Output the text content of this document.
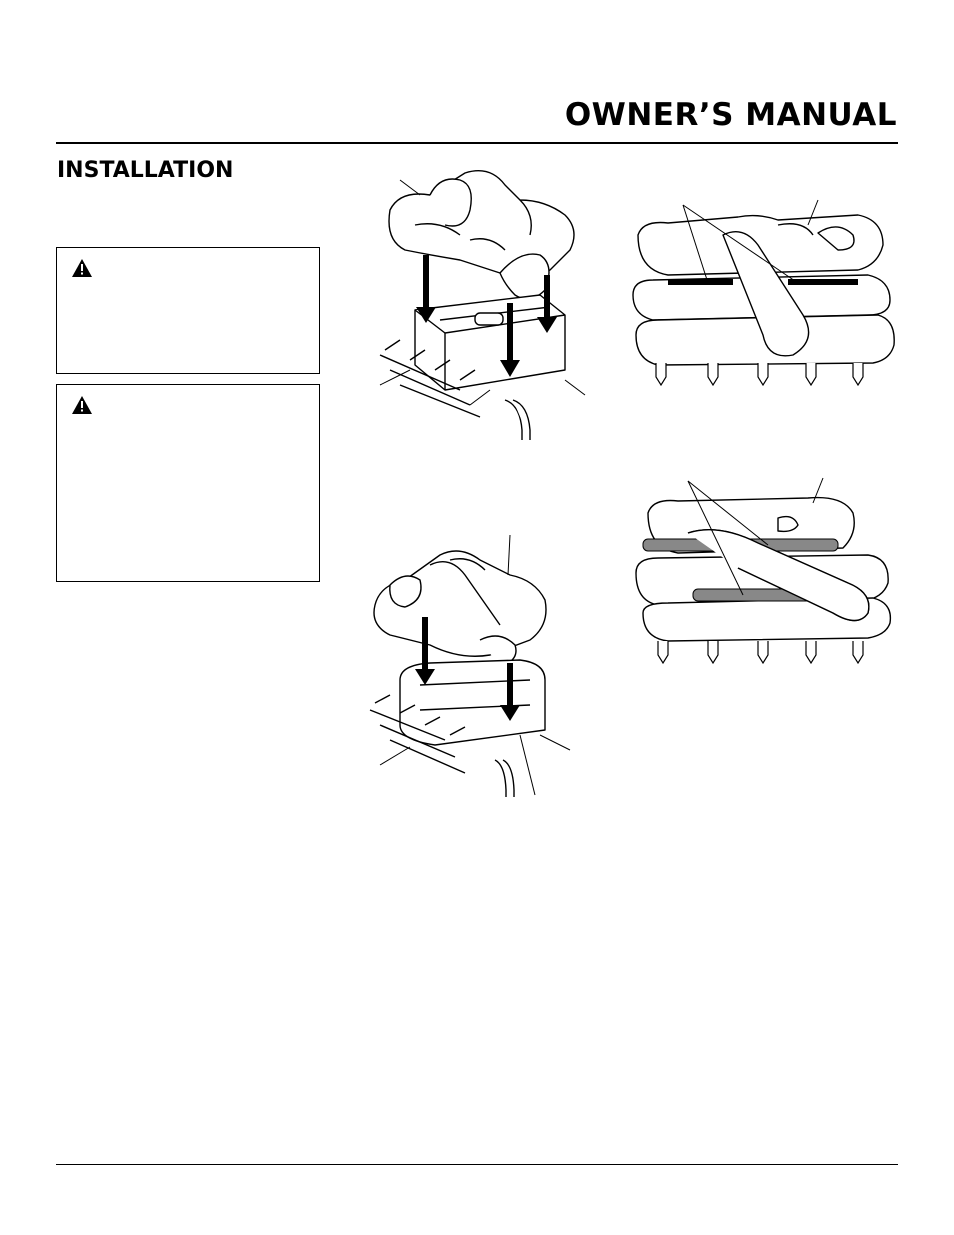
OWNER’S MANUAL
INSTALLATION
